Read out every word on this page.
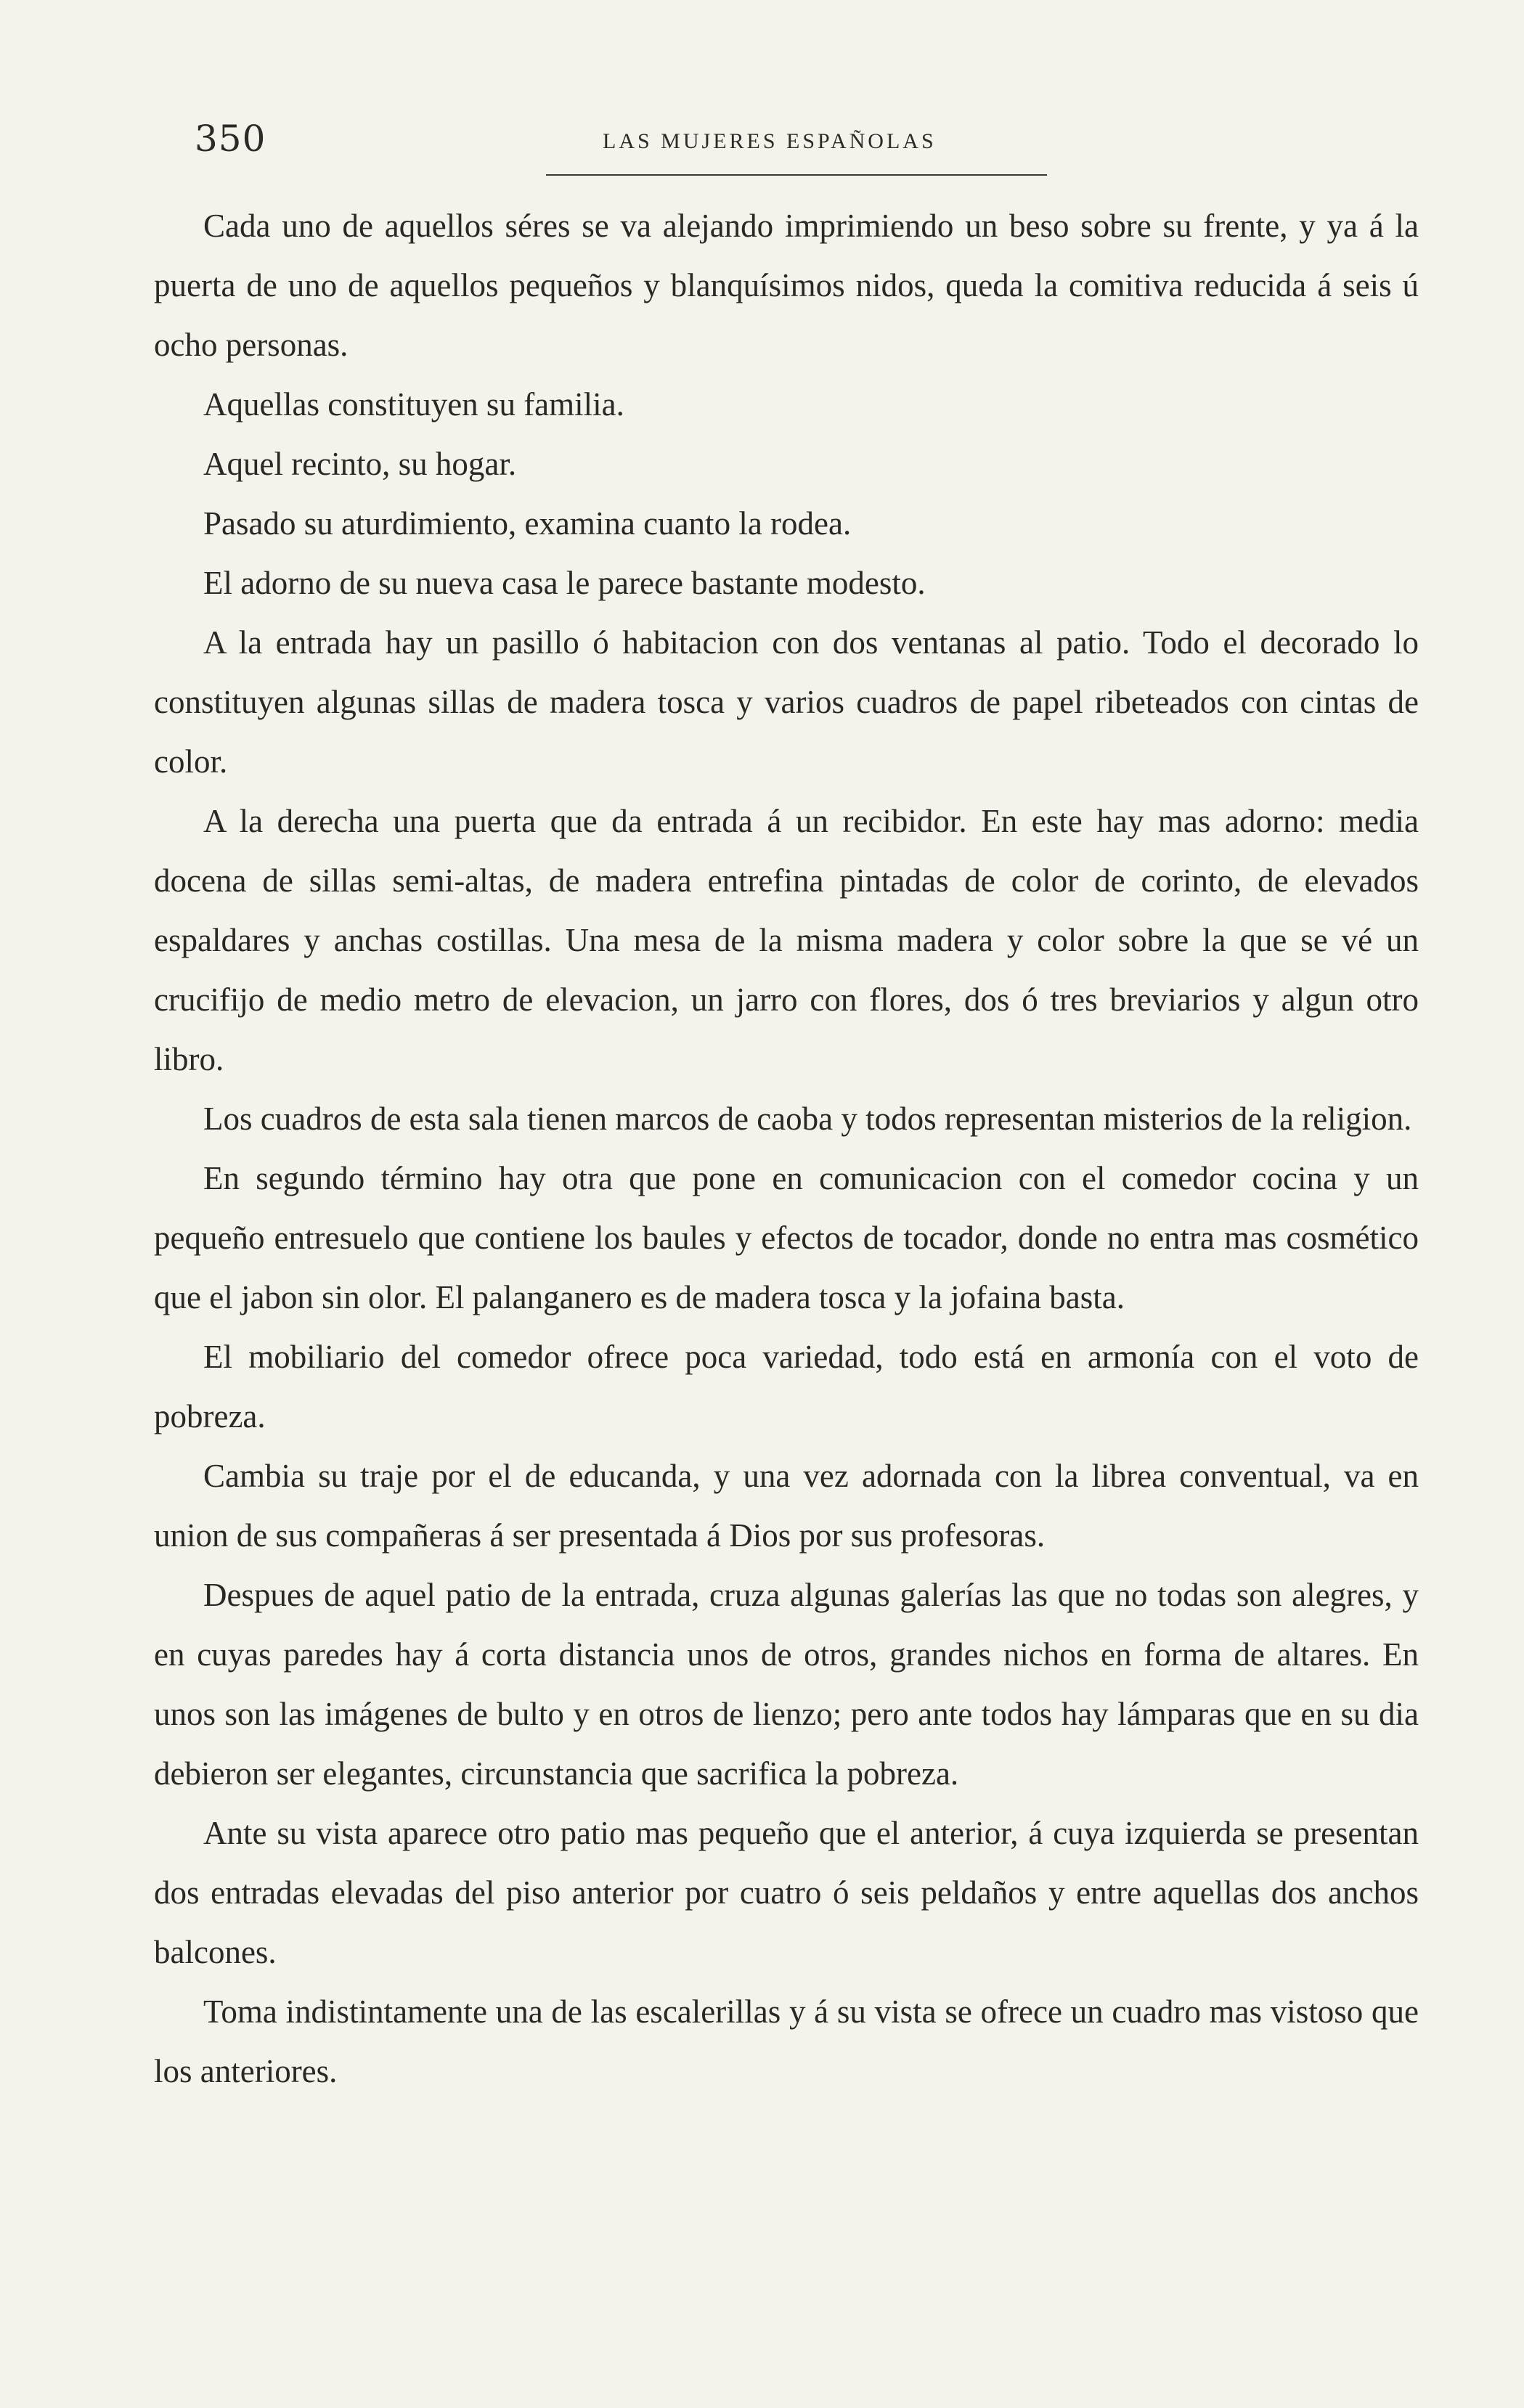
350	LAS MUJERES ESPAÑOLAS

Cada uno de aquellos séres se va alejando imprimiendo un beso sobre su frente, y ya á la puerta de uno de aquellos pequeños y blanquísimos nidos, queda la comitiva reducida á seis ú ocho personas.

Aquellas constituyen su familia.

Aquel recinto, su hogar.

Pasado su aturdimiento, examina cuanto la rodea.

El adorno de su nueva casa le parece bastante modesto.

A la entrada hay un pasillo ó habitacion con dos ventanas al patio. Todo el decorado lo constituyen algunas sillas de madera tosca y varios cuadros de papel ribeteados con cintas de color.

A la derecha una puerta que da entrada á un recibidor. En este hay mas adorno: media docena de sillas semi-altas, de madera entrefina pintadas de color de corinto, de elevados espaldares y anchas costillas. Una mesa de la misma madera y color sobre la que se vé un crucifijo de medio metro de elevacion, un jarro con flores, dos ó tres breviarios y algun otro libro.

Los cuadros de esta sala tienen marcos de caoba y todos representan misterios de la religion.

En segundo término hay otra que pone en comunicacion con el comedor cocina y un pequeño entresuelo que contiene los baules y efectos de tocador, donde no entra mas cosmético que el jabon sin olor. El palanganero es de madera tosca y la jofaina basta.

El mobiliario del comedor ofrece poca variedad, todo está en armonía con el voto de pobreza.

Cambia su traje por el de educanda, y una vez adornada con la librea conventual, va en union de sus compañeras á ser presentada á Dios por sus profesoras.

Despues de aquel patio de la entrada, cruza algunas galerías las que no todas son alegres, y en cuyas paredes hay á corta distancia unos de otros, grandes nichos en forma de altares. En unos son las imágenes de bulto y en otros de lienzo; pero ante todos hay lámparas que en su dia debieron ser elegantes, circunstancia que sacrifica la pobreza.

Ante su vista aparece otro patio mas pequeño que el anterior, á cuya izquierda se presentan dos entradas elevadas del piso anterior por cuatro ó seis peldaños y entre aquellas dos anchos balcones.

Toma indistintamente una de las escalerillas y á su vista se ofrece un cuadro mas vistoso que los anteriores.
